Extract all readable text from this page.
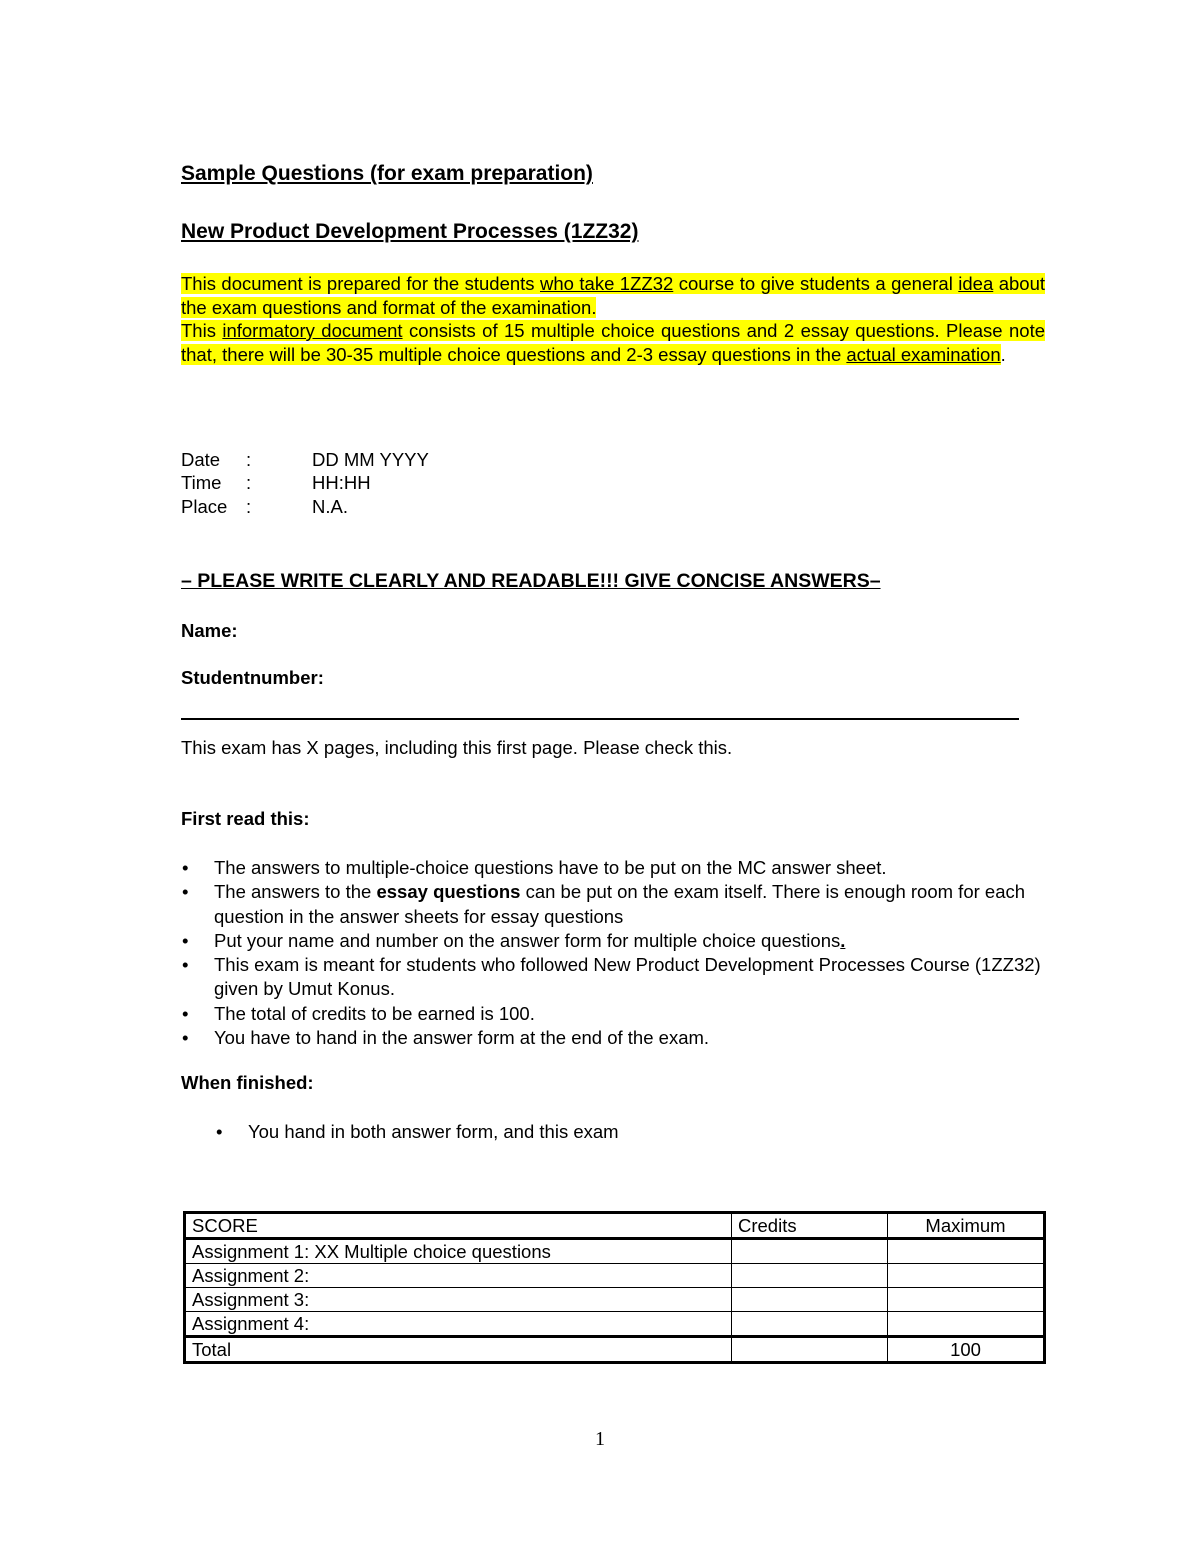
Sample Questions (for exam preparation)
New Product Development Processes (1ZZ32)

This document is prepared for the students who take 1ZZ32 course to give students a general idea about the exam questions and format of the examination.

This informatory document consists of 15 multiple choice questions and 2 essay questions. Please note that, there will be 30-35 multiple choice questions and 2-3 essay questions in the actual examination.

Date :	DD MM YYYY
Time :	HH:HH
Place :	N.A.
– PLEASE WRITE CLEARLY AND READABLE!!! GIVE CONCISE ANSWERS–
Name:
Studentnumber:
This exam has X pages, including this first page. Please check this.
First read this:
• The answers to multiple-choice questions have to be put on the MC answer sheet.
• The answers to the essay questions can be put on the exam itself. There is enough room for each question in the answer sheets for essay questions
• Put your name and number on the answer form for multiple choice questions.
• This exam is meant for students who followed New Product Development Processes Course (1ZZ32) given by Umut Konus.
• The total of credits to be earned is 100.
• You have to hand in the answer form at the end of the exam.
When finished:
• You hand in both answer form, and this exam
SCORE	Credits	Maximum
Assignment 1: XX Multiple choice questions		
Assignment 2:		
Assignment 3:		
Assignment 4:		
Total		100
1
